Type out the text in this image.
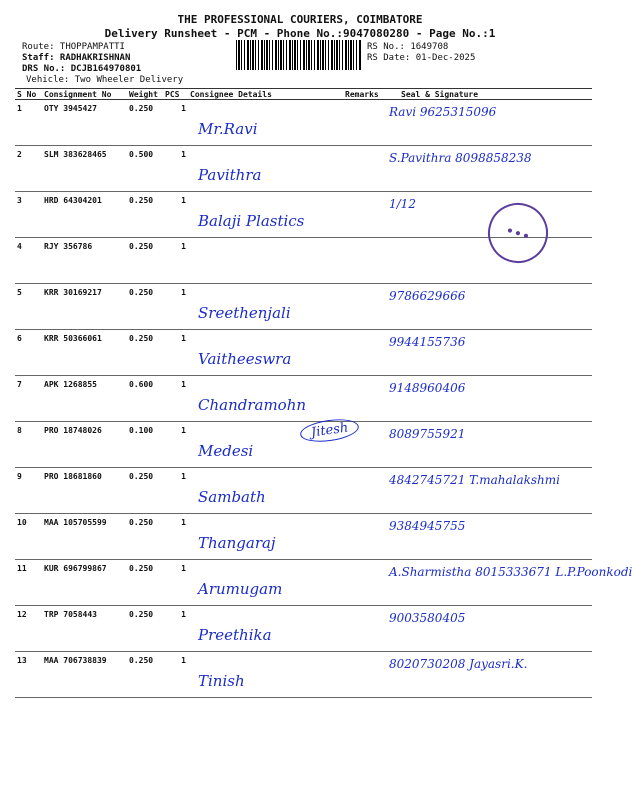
THE PROFESSIONAL COURIERS, COIMBATORE
Delivery Runsheet - PCM - Phone No.:9047080280 - Page No.:1
Route: THOPPAMPATTI
Staff: RADHAKRISHNAN
DRS No.: DCJB164970801
Vehicle: Two Wheeler Delivery
RS No.: 1649708
RS Date: 01-Dec-2025
S No	Consignment No	Weight	PCS	Consignee Details	Remarks	Seal & Signature
1	OTY 3945427	0.250	1	Mr.Ravi		Ravi 9625315096

2	SLM 383628465	0.500	1	Pavithra		S.Pavithra 8098858238

3	HRD 64304201	0.250	1	Balaji Plastics		1/12

4	RJY 356786	0.250	1	

5	KRR 30169217	0.250	1	Sreethenjali		9786629666

6	KRR 50366061	0.250	1	Vaitheeswra		9944155736

7	APK 1268855	0.600	1	Chandramohn		9148960406

8	PRO 18748026	0.100	1	Medesi		8089755921

9	PRO 18681860	0.250	1	Sambath		4842745721 T.mahalakshmi

10	MAA 105705599	0.250	1	Thangaraj		9384945755

11	KUR 696799867	0.250	1	Arumugam		A.Sharmistha 8015333671 L.P.Poonkodi

12	TRP 7058443	0.250	1	Preethika		9003580405

13	MAA 706738839	0.250	1	Tinish		8020730208 Jayasri.K.
● ● ●
Jitesh
